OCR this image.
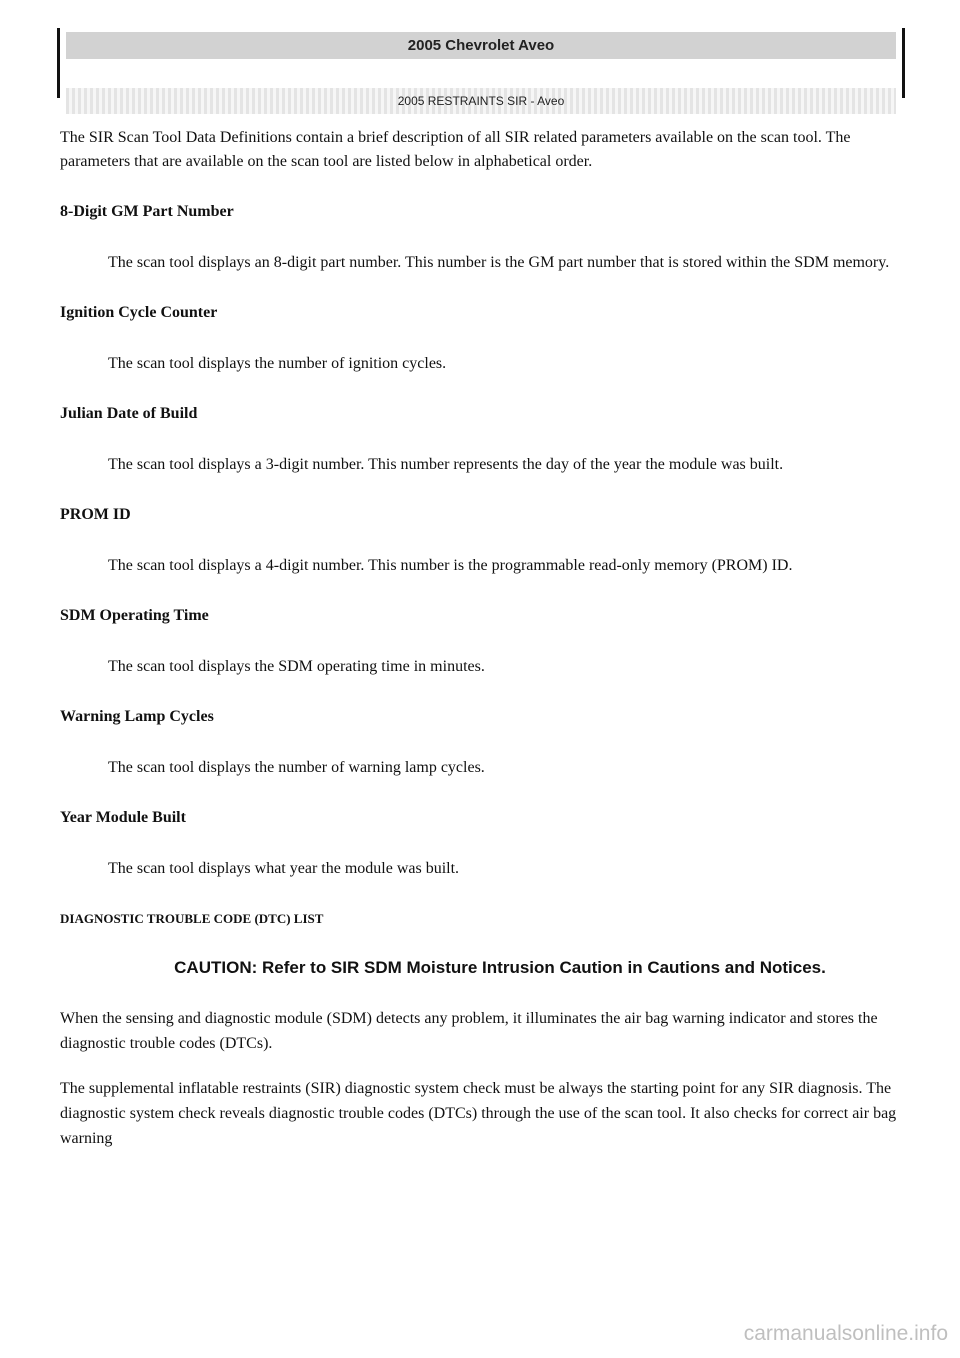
2005 Chevrolet Aveo
2005 RESTRAINTS SIR - Aveo

The SIR Scan Tool Data Definitions contain a brief description of all SIR related parameters available on the scan tool. The parameters that are available on the scan tool are listed below in alphabetical order.

8-Digit GM Part Number

The scan tool displays an 8-digit part number. This number is the GM part number that is stored within the SDM memory.

Ignition Cycle Counter

The scan tool displays the number of ignition cycles.

Julian Date of Build

The scan tool displays a 3-digit number. This number represents the day of the year the module was built.

PROM ID

The scan tool displays a 4-digit number. This number is the programmable read-only memory (PROM) ID.

SDM Operating Time

The scan tool displays the SDM operating time in minutes.

Warning Lamp Cycles

The scan tool displays the number of warning lamp cycles.

Year Module Built

The scan tool displays what year the module was built.

DIAGNOSTIC TROUBLE CODE (DTC) LIST

CAUTION: Refer to SIR SDM Moisture Intrusion Caution in Cautions and Notices.

When the sensing and diagnostic module (SDM) detects any problem, it illuminates the air bag warning indicator and stores the diagnostic trouble codes (DTCs).

The supplemental inflatable restraints (SIR) diagnostic system check must be always the starting point for any SIR diagnosis. The diagnostic system check reveals diagnostic trouble codes (DTCs) through the use of the scan tool. It also checks for correct air bag warning

carmanualsonline.info
